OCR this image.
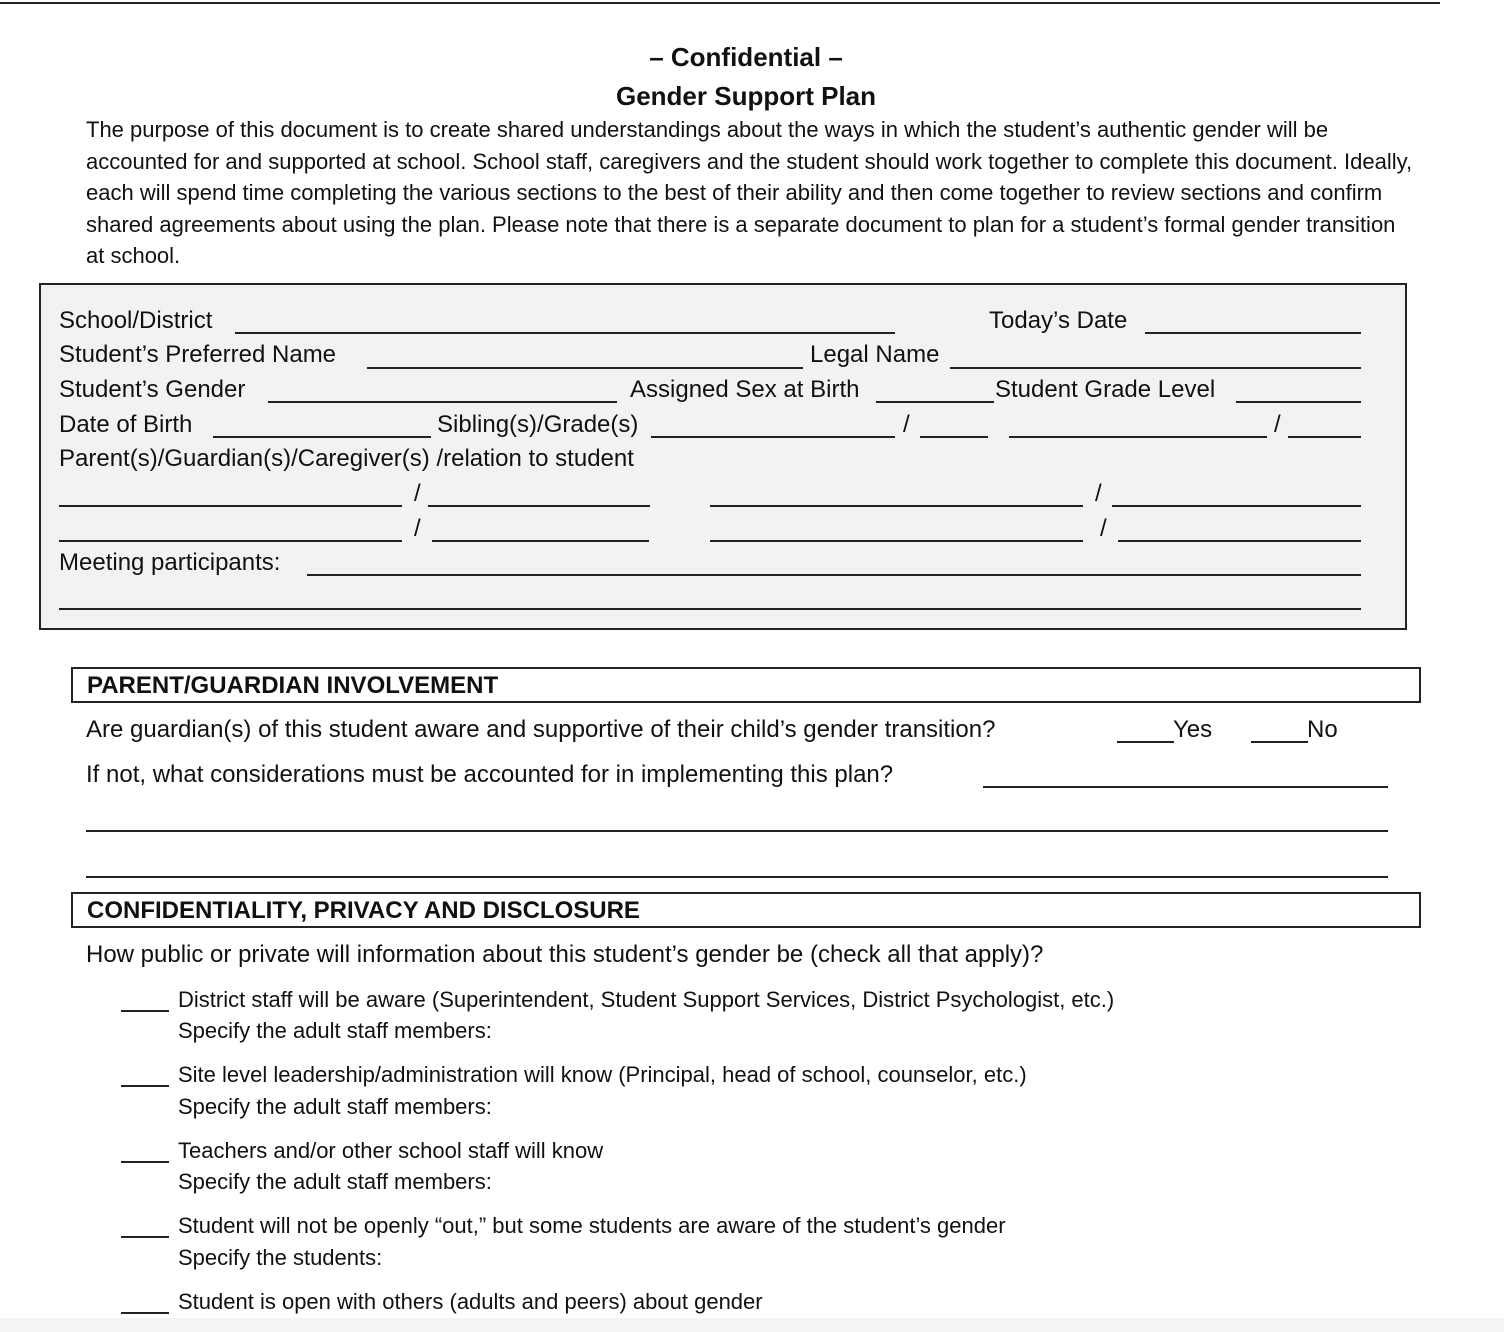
– Confidential –
Gender Support Plan
The purpose of this document is to create shared understandings about the ways in which the student’s authentic gender will be accounted for and supported at school. School staff, caregivers and the student should work together to complete this document. Ideally, each will spend time completing the various sections to the best of their ability and then come together to review sections and confirm shared agreements about using the plan. Please note that there is a separate document to plan for a student’s formal gender transition at school.
School/District	Today’s Date
Student’s Preferred Name	Legal Name
Student’s Gender	Assigned Sex at Birth	Student Grade Level
Date of Birth	Sibling(s)/Grade(s)	/	/
Parent(s)/Guardian(s)/Caregiver(s) /relation to student
/	/
/	/
Meeting participants:
PARENT/GUARDIAN INVOLVEMENT
Are guardian(s) of this student aware and supportive of their child’s gender transition?	Yes	No
If not, what considerations must be accounted for in implementing this plan?
CONFIDENTIALITY, PRIVACY AND DISCLOSURE
How public or private will information about this student’s gender be (check all that apply)?
District staff will be aware (Superintendent, Student Support Services, District Psychologist, etc.)
Specify the adult staff members:
Site level leadership/administration will know (Principal, head of school, counselor, etc.)
Specify the adult staff members:
Teachers and/or other school staff will know
Specify the adult staff members:
Student will not be openly “out,” but some students are aware of the student’s gender
Specify the students:
Student is open with others (adults and peers) about gender
